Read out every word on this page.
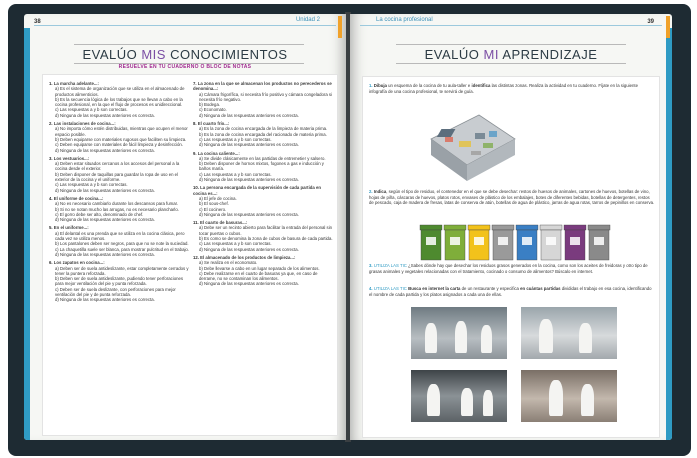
38	Unidad 2
EVALÚO MIS CONOCIMIENTOS
RESUELVE EN TU CUADERNO O BLOC DE NOTAS
1. La marcha adelante...:
a) Es el sistema de organización que se utiliza en el almacenado de productos alimenticios.
b) Es la secuencia lógica de los trabajos que se llevan a cabo en la cocina profesional, en la que el flujo de procesos es unidireccional.
c) Las respuestas a y b son correctas.
d) Ninguna de las respuestas anteriores es correcta.
2. Las instalaciones de cocina...:
a) No importa cómo estén distribuidas, mientras que ocupen el menor espacio posible.
b) Deben equiparse con materiales rugosos que faciliten su limpieza.
c) Deben equiparse con materiales de fácil limpieza y desinfección.
d) Ninguna de las respuestas anteriores es correcta.
3. Los vestuarios...:
a) Deben estar situados cercanos a los accesos del personal a la cocina desde el exterior.
b) Deben disponer de taquillas para guardar la ropa de uso en el exterior de la cocina y el uniforme.
c) Las respuestas a y b son correctas.
d) Ninguna de las respuestas anteriores es correcta.
4. El uniforme de cocina...:
a) No es necesario cambiarlo durante los descansos para fumar.
b) Si no se notan mucho las arrugas, no es necesario plancharlo.
c) El gorro debe ser alto, denominado de chef.
d) Ninguna de las respuestas anteriores es correcta.
5. En el uniforme...:
a) El delantal es una prenda que se utiliza en la cocina clásica, pero cada vez se utiliza menos.
b) Los pantalones deben ser negros, para que no se note la suciedad.
c) La chaquetilla suele ser blanca, para mostrar pulcritud en el trabajo.
d) Ninguna de las respuestas anteriores es correcta.
6. Los zapatos en cocina...:
a) Deben ser de suela antideslizante, estar completamente cerrados y tener la puntera reforzada.
b) Deben ser de suela antideslizante, pudiendo tener perforaciones para mejor ventilación del pie y punta reforzada.
c) Deben ser de suela deslizante, con perforaciones para mejor ventilación del pie y de punta reforzada.
d) Ninguna de las respuestas anteriores es correcta.
7. La zona en la que se almacenan los productos no perecederos se denomina...:
a) Cámara frigorífica, si necesita frío positivo y cámara congeladora si necesita frío negativo.
b) Bodega.
c) Economato.
d) Ninguna de las respuestas anteriores es correcta.
8. El cuarto frío...:
a) Es la zona de cocina encargada de la limpieza de materia prima.
b) Es la zona de cocina encargada del racionado de materia prima.
c) Las respuestas a y b son correctas.
d) Ninguna de las respuestas anteriores es correcta.
9. La cocina caliente...:
a) Se divide clásicamente en las partidas de entremetier y salsero.
b) Deben disponer de hornos mixtos, fogones a gas e inducción y baños maría.
c) Las respuestas a y b son correctas.
d) Ninguna de las respuestas anteriores es correcta.
10. La persona encargada de la supervisión de cada partida en cocina es...:
a) El jefe de cocina.
b) El sous-chef.
c) El cocinero.
d) Ninguna de las respuestas anteriores es correcta.
11. El cuarto de basuras...:
a) Debe ser un recinto abierto para facilitar la entrada del personal sin tocar puertas o cubos.
b) Es como se denomina la zona de cubos de basura de cada partida.
c) Las respuestas a y b son correctas.
d) Ninguna de las respuestas anteriores es correcta.
12. El almacenado de los productos de limpieza...:
a) Se realiza en el economato.
b) Debe llevarse a cabo en un lugar separado de los alimentos.
c) Debe realizarse en el cuarto de basuras ya que, en caso de derrame, no se contaminan los alimentos.
d) Ninguna de las respuestas anteriores es correcta.
La cocina profesional	39
EVALÚO MI APRENDIZAJE
1. Dibuja un esquema de la cocina de tu aula-taller e identifica las distintas zonas. Realiza la actividad en tu cuaderno. Fíjate en la siguiente infografía de una cocina profesional, te servirá de guía.
2. Indica, según el tipo de residuo, el contenedor en el que se debe desechar: restos de huesos de animales, cartones de huevos, botellas de vino, hojas de piña, cáscaras de huevos, platos rotos, envases de plástico de los embalajes, botes de diferentes bebidas, botellas de detergentes, restos de pescado, caja de madera de fresas, latas de conserva de atún, botellas de agua de plástico, jarras de agua rotas, tarros de pepinillos en conserva.
3. UTILIZA LAS TIC ¿Sabes dónde hay que desechar los residuos grasos generados en la cocina, como son los aceites de freidoras y otro tipo de grasas animales y vegetales relacionadas con el tratamiento, cocinado o consumo de alimentos? Búscalo en internet.
4. UTILIZA LAS TIC Busca en internet la carta de un restaurante y especifica en cuántas partidas divididas el trabajo en esa cocina, identificando el nombre de cada partida y los platos asignados a cada una de ellas.
